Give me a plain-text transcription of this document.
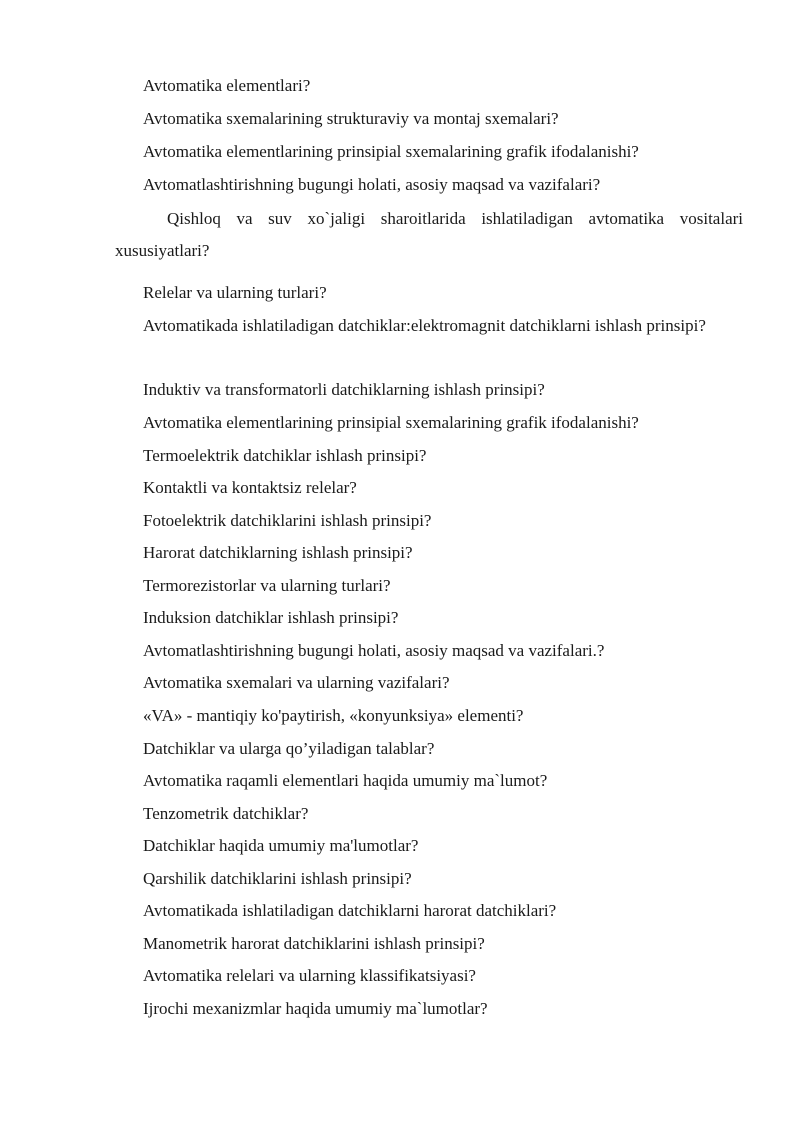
Avtomatika elementlari?
Avtomatika sxemalarining strukturaviy va montaj sxemalari?
Avtomatika elementlarining prinsipial sxemalarining grafik ifodalanishi?
Avtomatlashtirishning bugungi holati, asosiy maqsad va vazifalari?
Qishloq va suv xo`jaligi sharoitlarida ishlatiladigan avtomatika vositalari xususiyatlari?
Relelar va ularning turlari?
Avtomatikada ishlatiladigan datchiklar:elektromagnit datchiklarni ishlash prinsipi?
Induktiv va transformatorli datchiklarning ishlash prinsipi?
Avtomatika elementlarining prinsipial sxemalarining grafik ifodalanishi?
Termoelektrik datchiklar ishlash prinsipi?
Kontaktli va kontaktsiz relelar?
Fotoelektrik datchiklarini ishlash prinsipi?
Harorat datchiklarning ishlash prinsipi?
Termorezistorlar va ularning turlari?
Induksion datchiklar ishlash prinsipi?
Avtomatlashtirishning bugungi holati, asosiy maqsad va vazifalari.?
Avtomatika sxemalari va ularning vazifalari?
«VA» - mantiqiy ko'paytirish, «konyunksiya» elementi?
Datchiklar va ularga qo’yiladigan talablar?
Avtomatika raqamli elementlari haqida umumiy ma`lumot?
Tenzometrik datchiklar?
Datchiklar haqida umumiy ma'lumotlar?
Qarshilik datchiklarini ishlash prinsipi?
Avtomatikada ishlatiladigan datchiklarni harorat datchiklari?
Manometrik harorat datchiklarini ishlash prinsipi?
Avtomatika relelari va ularning klassifikatsiyasi?
Ijrochi mexanizmlar haqida umumiy ma`lumotlar?
